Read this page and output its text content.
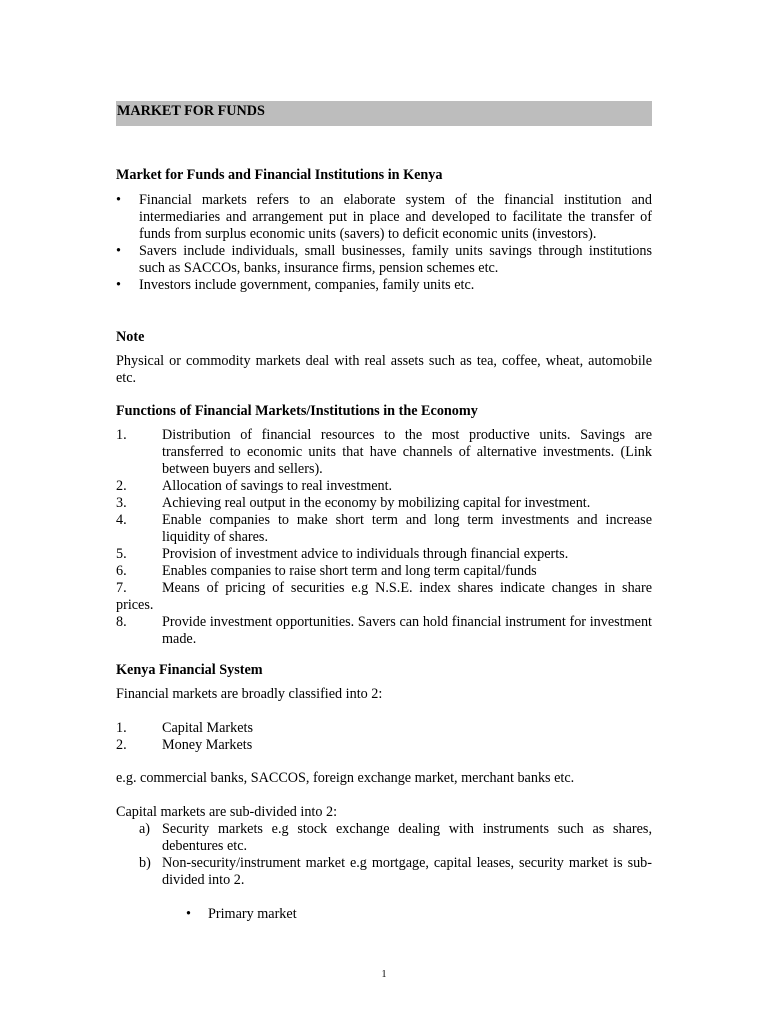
MARKET FOR FUNDS
Market for Funds and Financial Institutions in Kenya
• Financial markets refers to an elaborate system of the financial institution and intermediaries and arrangement put in place and developed to facilitate the transfer of funds from surplus economic units (savers) to deficit economic units (investors).
• Savers include individuals, small businesses, family units savings through institutions such as SACCOs, banks, insurance firms, pension schemes etc.
• Investors include government, companies, family units etc.
Note
Physical or commodity markets deal with real assets such as tea, coffee, wheat, automobile etc.
Functions of Financial Markets/Institutions in the Economy
1. Distribution of financial resources to the most productive units. Savings are transferred to economic units that have channels of alternative investments. (Link between buyers and sellers).
2. Allocation of savings to real investment.
3. Achieving real output in the economy by mobilizing capital for investment.
4. Enable companies to make short term and long term investments and increase liquidity of shares.
5. Provision of investment advice to individuals through financial experts.
6. Enables companies to raise short term and long term capital/funds
7. Means of pricing of securities e.g N.S.E. index shares indicate changes in share prices.
8. Provide investment opportunities. Savers can hold financial instrument for investment made.
Kenya Financial System
Financial markets are broadly classified into 2:
1. Capital Markets
2. Money Markets
e.g. commercial banks, SACCOS, foreign exchange market, merchant banks etc.
Capital markets are sub-divided into 2:
a) Security markets e.g stock exchange dealing with instruments such as shares, debentures etc.
b) Non-security/instrument market e.g mortgage, capital leases, security market is sub-divided into 2.
• Primary market
1
